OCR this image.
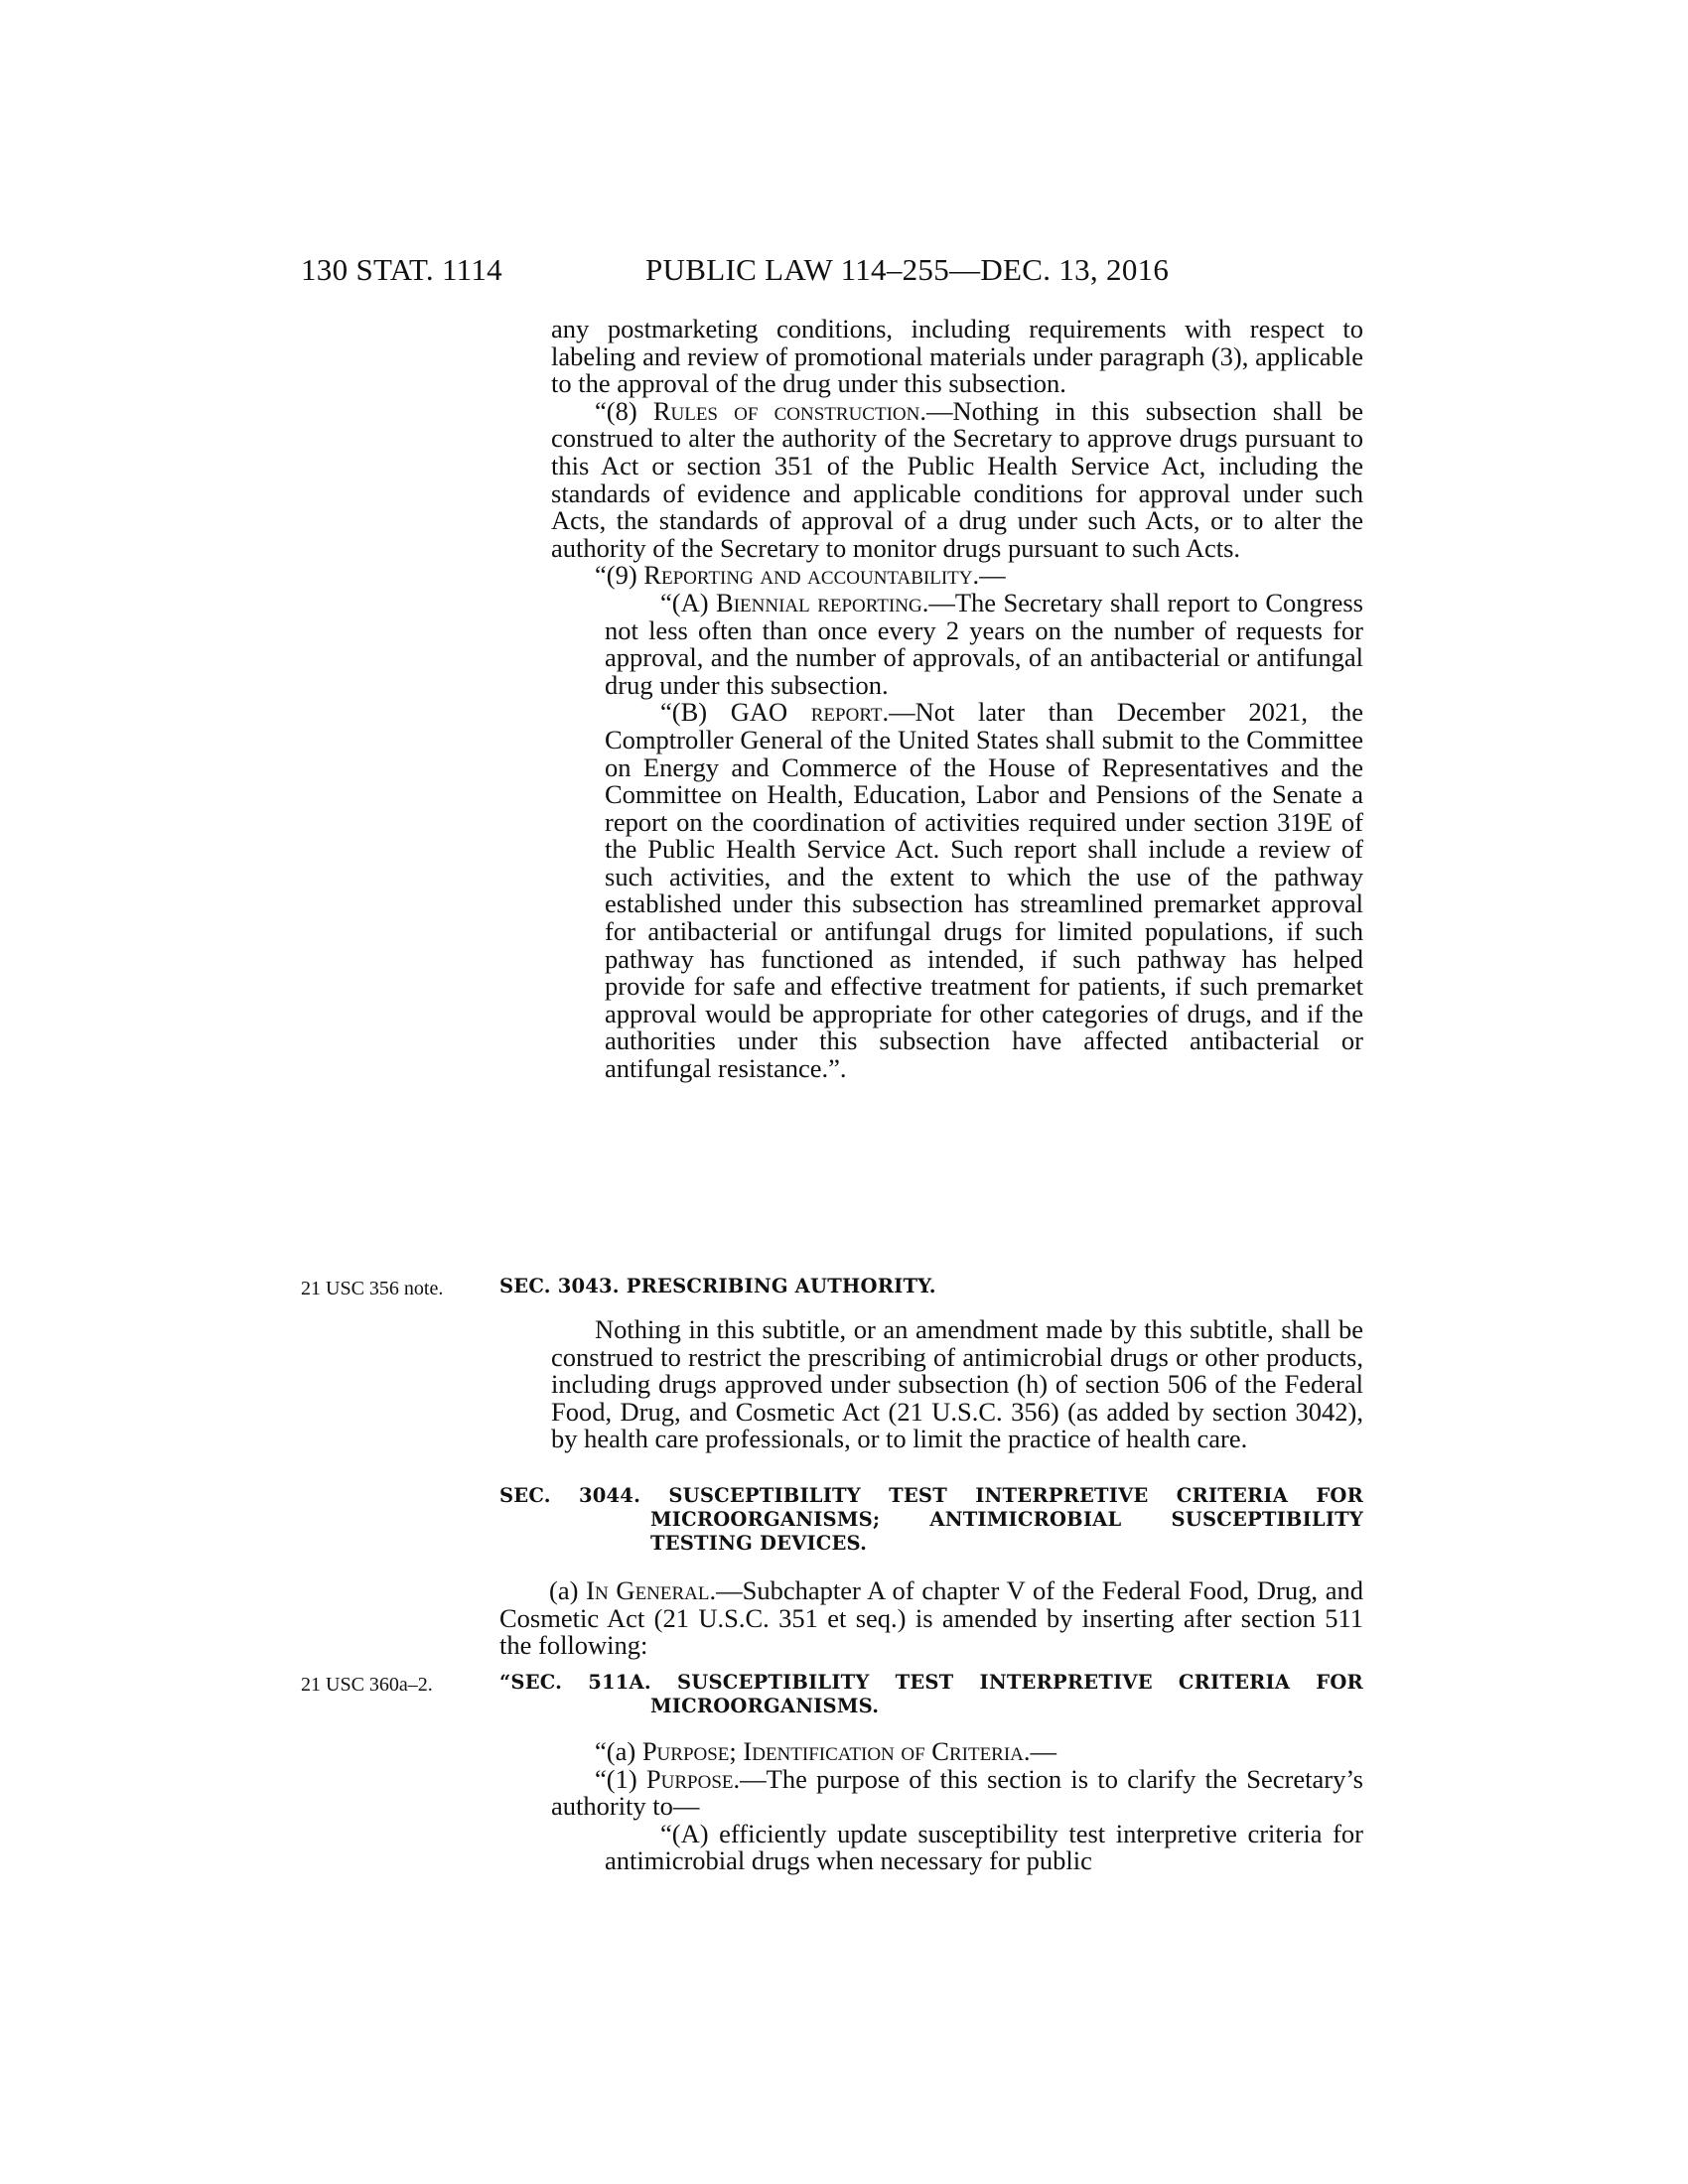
130 STAT. 1114	PUBLIC LAW 114–255—DEC. 13, 2016

any postmarketing conditions, including requirements with respect to labeling and review of promotional materials under paragraph (3), applicable to the approval of the drug under this subsection.

“(8) Rules of construction.—Nothing in this subsection shall be construed to alter the authority of the Secretary to approve drugs pursuant to this Act or section 351 of the Public Health Service Act, including the standards of evidence and applicable conditions for approval under such Acts, the standards of approval of a drug under such Acts, or to alter the authority of the Secretary to monitor drugs pursuant to such Acts.

“(9) Reporting and accountability.—

“(A) Biennial reporting.—The Secretary shall report to Congress not less often than once every 2 years on the number of requests for approval, and the number of approvals, of an antibacterial or antifungal drug under this subsection.

“(B) GAO report.—Not later than December 2021, the Comptroller General of the United States shall submit to the Committee on Energy and Commerce of the House of Representatives and the Committee on Health, Education, Labor and Pensions of the Senate a report on the coordination of activities required under section 319E of the Public Health Service Act. Such report shall include a review of such activities, and the extent to which the use of the pathway established under this subsection has streamlined premarket approval for antibacterial or antifungal drugs for limited populations, if such pathway has functioned as intended, if such pathway has helped provide for safe and effective treatment for patients, if such premarket approval would be appropriate for other categories of drugs, and if the authorities under this subsection have affected antibacterial or antifungal resistance.”.

21 USC 356 note.	SEC. 3043. PRESCRIBING AUTHORITY.

Nothing in this subtitle, or an amendment made by this subtitle, shall be construed to restrict the prescribing of antimicrobial drugs or other products, including drugs approved under subsection (h) of section 506 of the Federal Food, Drug, and Cosmetic Act (21 U.S.C. 356) (as added by section 3042), by health care professionals, or to limit the practice of health care.

SEC. 3044. SUSCEPTIBILITY TEST INTERPRETIVE CRITERIA FOR
MICROORGANISMS;	ANTIMICROBIAL	SUSCEPTIBILITY
TESTING DEVICES.

(a) In General.—Subchapter A of chapter V of the Federal Food, Drug, and Cosmetic Act (21 U.S.C. 351 et seq.) is amended by inserting after section 511 the following:

21 USC 360a–2.	“SEC. 511A. SUSCEPTIBILITY TEST INTERPRETIVE CRITERIA FOR
MICROORGANISMS.

“(a) Purpose; Identification of Criteria.—

“(1) Purpose.—The purpose of this section is to clarify the Secretary’s authority to—

“(A) efficiently update susceptibility test interpretive criteria for antimicrobial drugs when necessary for public
